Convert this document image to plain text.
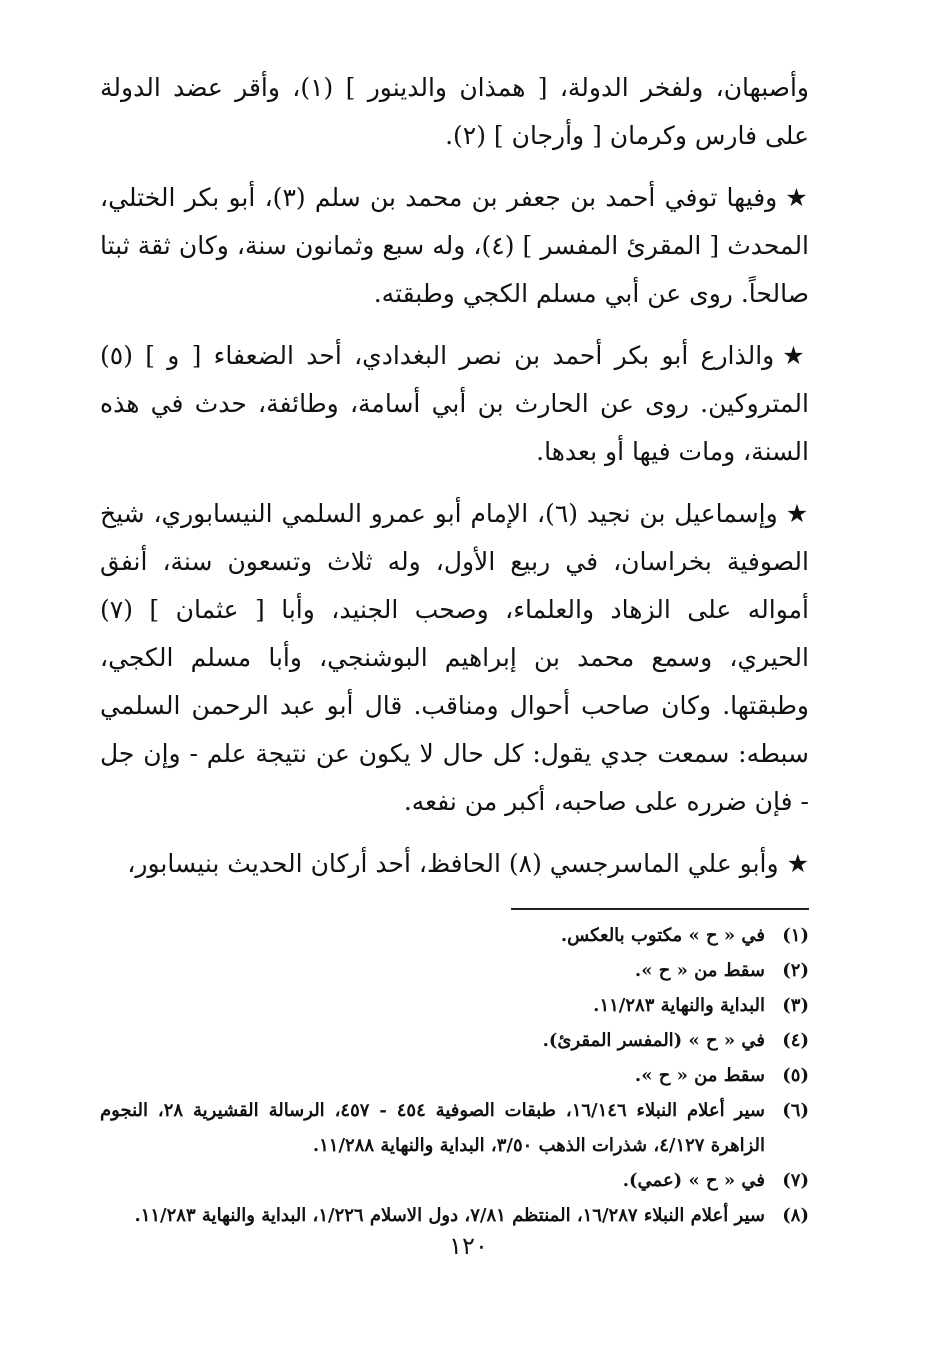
وأصبهان، ولفخر الدولة، [ همذان والدينور ] (١)، وأقر عضد الدولة على فارس وكرمان [ وأرجان ] (٢).

★وفيها توفي أحمد بن جعفر بن محمد بن سلم (٣)، أبو بكر الختلي، المحدث [ المقرئ المفسر ] (٤)، وله سبع وثمانون سنة، وكان ثقة ثبتا صالحاً. روى عن أبي مسلم الكجي وطبقته.

★والذارع أبو بكر أحمد بن نصر البغدادي، أحد الضعفاء [ و ] (٥) المتروكين. روى عن الحارث بن أبي أسامة، وطائفة، حدث في هذه السنة، ومات فيها أو بعدها.

★وإسماعيل بن نجيد (٦)، الإمام أبو عمرو السلمي النيسابوري، شيخ الصوفية بخراسان، في ربيع الأول، وله ثلاث وتسعون سنة، أنفق أمواله على الزهاد والعلماء، وصحب الجنيد، وأبا [ عثمان ] (٧) الحيري، وسمع محمد بن إبراهيم البوشنجي، وأبا مسلم الكجي، وطبقتها. وكان صاحب أحوال ومناقب. قال أبو عبد الرحمن السلمي سبطه: سمعت جدي يقول: كل حال لا يكون عن نتيجة علم - وإن جل - فإن ضرره على صاحبه، أكبر من نفعه.

★وأبو علي الماسرجسي (٨) الحافظ، أحد أركان الحديث بنيسابور،

(١)
في « ح » مكتوب بالعكس.
(٢)
سقط من « ح ».
(٣)
البداية والنهاية ١١/٢٨٣.
(٤)
في « ح » (المفسر المقرئ).
(٥)
سقط من « ح ».
(٦)
سير أعلام النبلاء ١٦/١٤٦، طبقات الصوفية ٤٥٤ - ٤٥٧، الرسالة القشيرية ٢٨، النجوم الزاهرة ٤/١٢٧، شذرات الذهب ٣/٥٠، البداية والنهاية ١١/٢٨٨.
(٧)
في « ح » (عمي).
(٨)
سير أعلام النبلاء ١٦/٢٨٧، المنتظم ٧/٨١، دول الاسلام ١/٢٢٦، البداية والنهاية ١١/٢٨٣.
١٢٠
